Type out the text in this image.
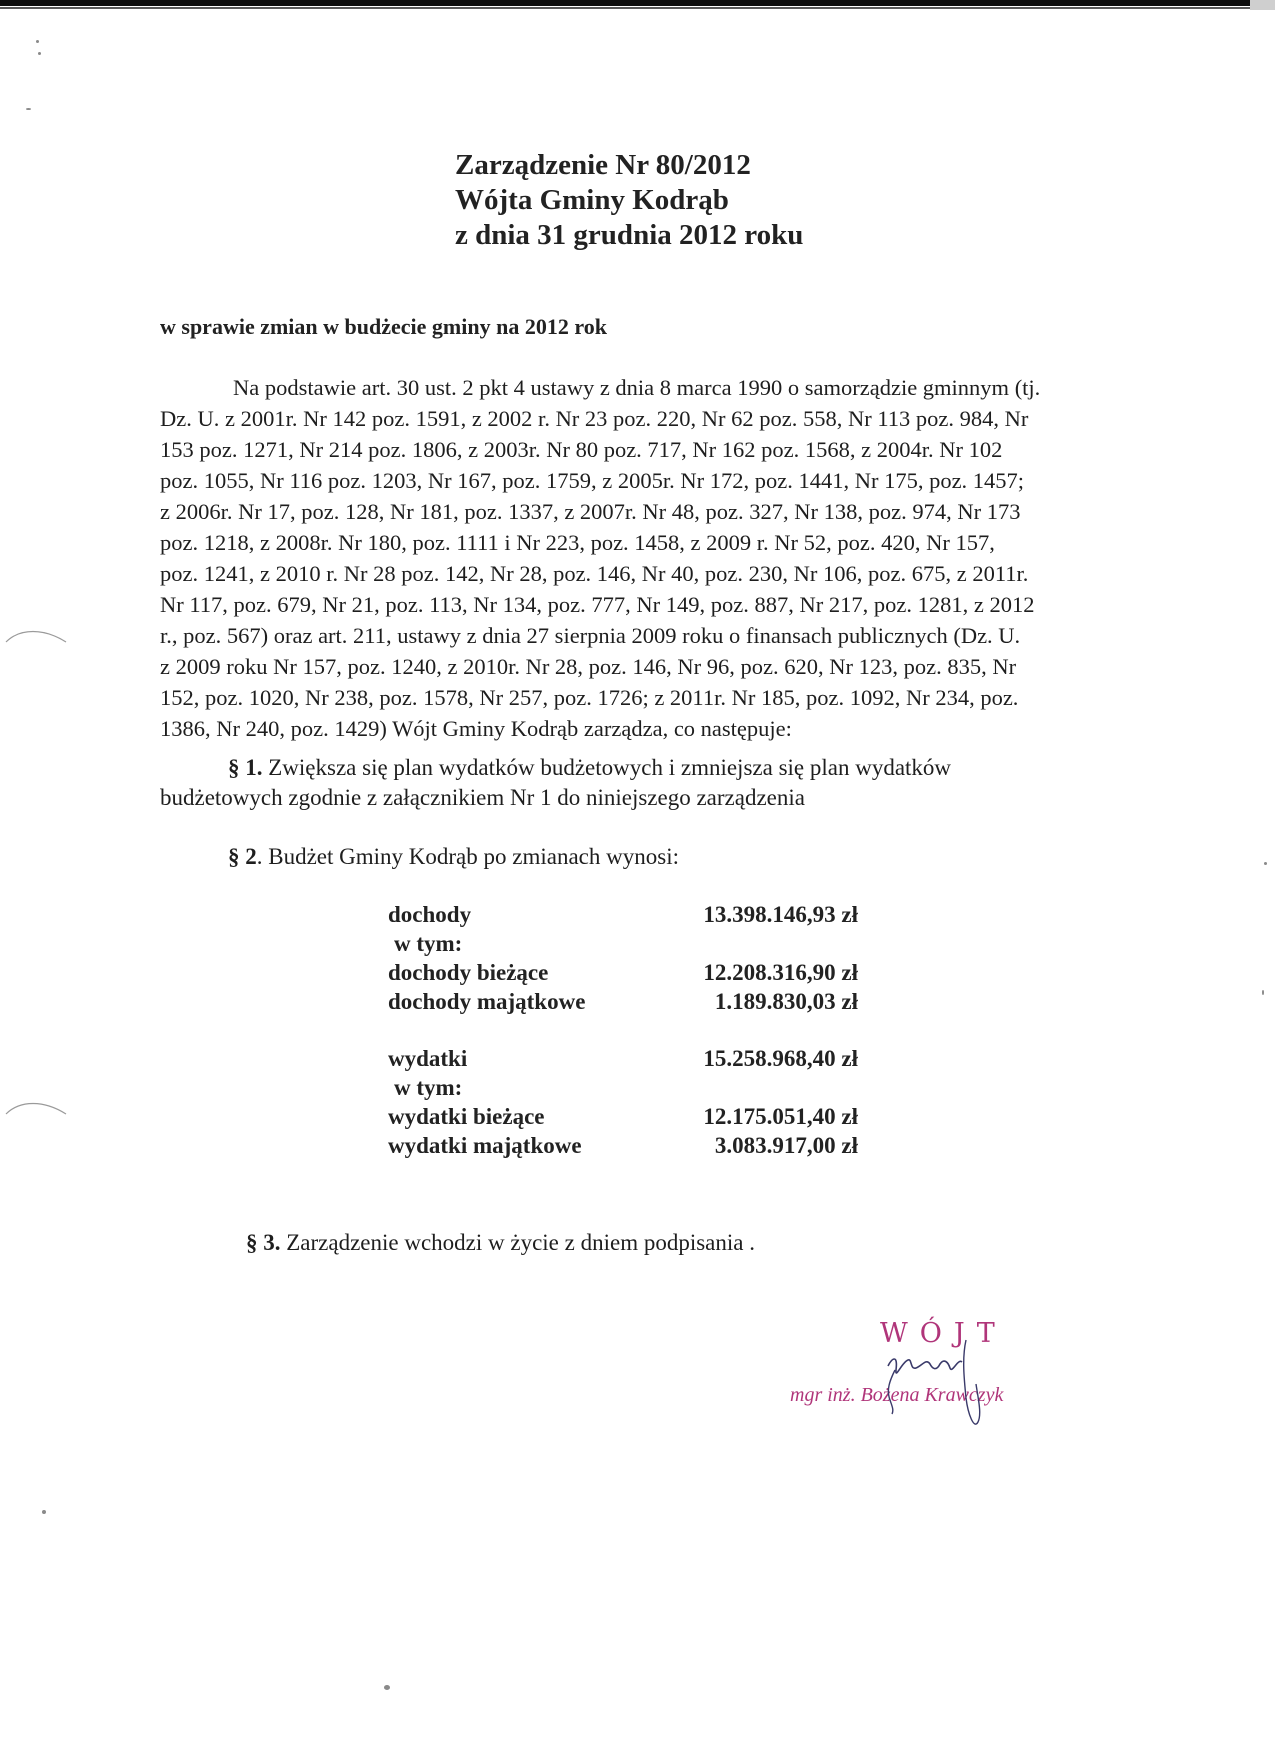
Zarządzenie Nr 80/2012
Wójta Gminy Kodrąb
z dnia 31 grudnia 2012 roku
w sprawie zmian w budżecie gminy na 2012 rok
Na podstawie art. 30 ust. 2 pkt 4 ustawy z dnia 8 marca 1990 o samorządzie gminnym (tj.
Dz. U. z 2001r. Nr 142 poz. 1591, z 2002 r. Nr 23 poz. 220, Nr 62 poz. 558, Nr 113 poz. 984, Nr
153 poz. 1271, Nr 214 poz. 1806, z 2003r. Nr 80 poz. 717, Nr 162 poz. 1568, z 2004r. Nr 102
poz. 1055, Nr 116 poz. 1203, Nr 167, poz. 1759, z 2005r. Nr 172, poz. 1441, Nr 175, poz. 1457;
z 2006r. Nr 17, poz. 128, Nr 181, poz. 1337, z 2007r. Nr 48, poz. 327, Nr 138, poz. 974, Nr 173
poz. 1218, z 2008r. Nr 180, poz. 1111 i Nr 223, poz. 1458, z 2009 r. Nr 52, poz. 420, Nr 157,
poz. 1241, z 2010 r. Nr 28 poz. 142, Nr 28, poz. 146, Nr 40, poz. 230, Nr 106, poz. 675, z 2011r.
Nr 117, poz. 679, Nr 21, poz. 113, Nr 134, poz. 777, Nr 149, poz. 887, Nr 217, poz. 1281, z 2012
r., poz. 567) oraz art. 211, ustawy z dnia 27 sierpnia 2009 roku o finansach publicznych (Dz. U.
z 2009 roku Nr 157, poz. 1240, z 2010r. Nr 28, poz. 146, Nr 96, poz. 620, Nr 123, poz. 835, Nr
152, poz. 1020, Nr 238, poz. 1578, Nr 257, poz. 1726; z 2011r. Nr 185, poz. 1092, Nr 234, poz.
1386, Nr 240, poz. 1429) Wójt Gminy Kodrąb zarządza, co następuje:
§ 1. Zwiększa się plan wydatków budżetowych i zmniejsza się plan wydatków
budżetowych zgodnie z załącznikiem Nr 1 do niniejszego zarządzenia
§ 2. Budżet Gminy Kodrąb po zmianach wynosi:
dochody	13.398.146,93 zł
w tym:
dochody bieżące	12.208.316,90 zł
dochody majątkowe	1.189.830,03 zł
wydatki	15.258.968,40 zł
w tym:
wydatki bieżące	12.175.051,40 zł
wydatki majątkowe	3.083.917,00 zł
§ 3. Zarządzenie wchodzi w życie z dniem podpisania .
WÓJT
mgr inż. Bożena Krawczyk
